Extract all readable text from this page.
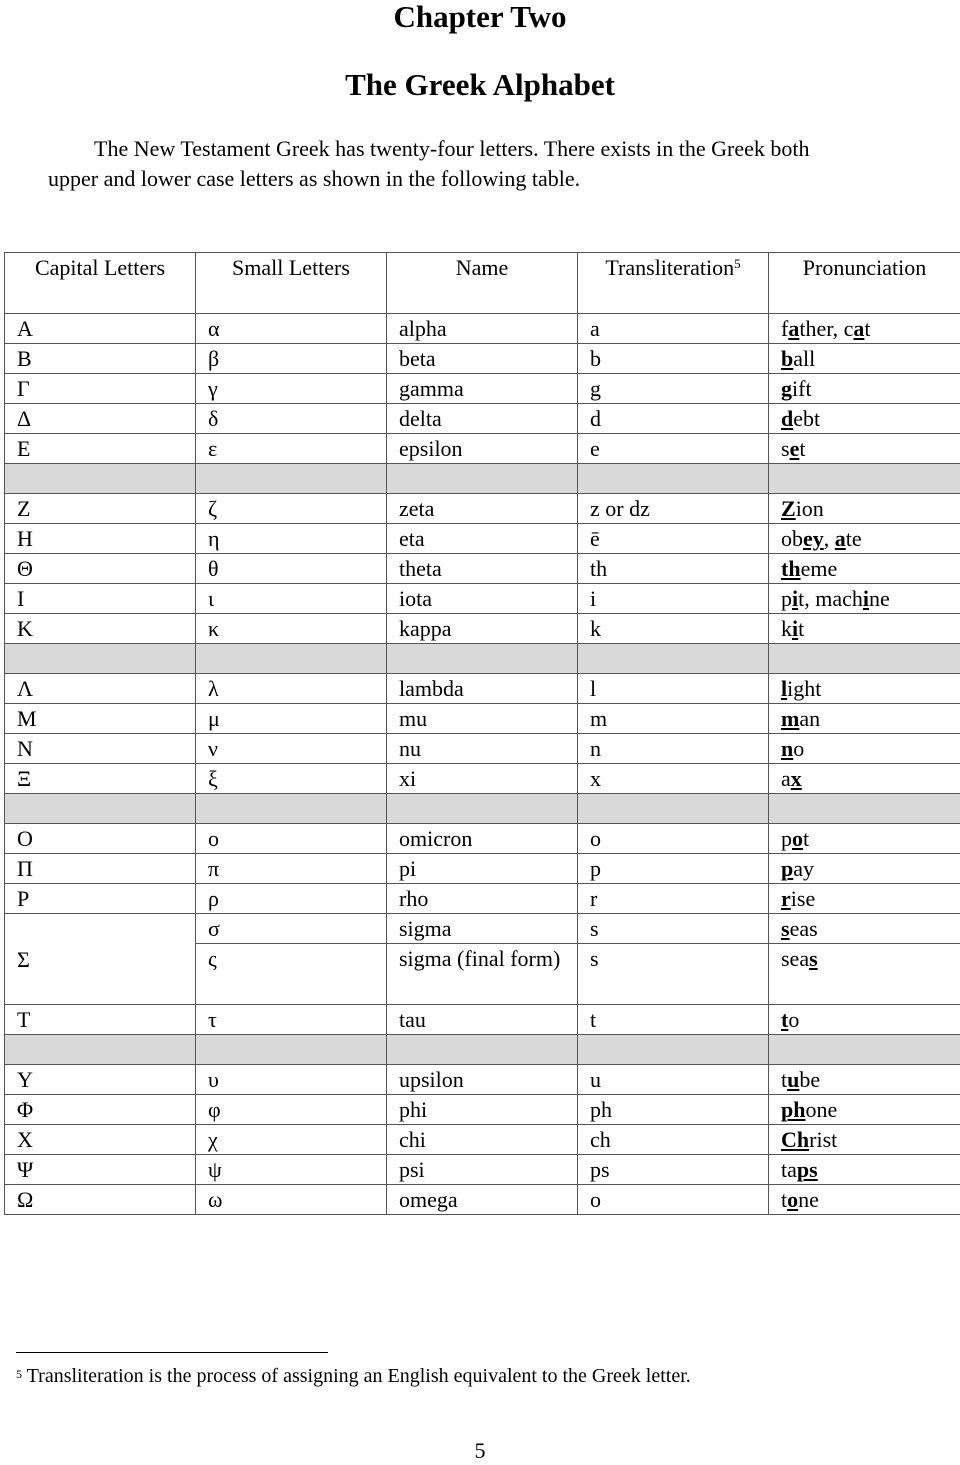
Chapter Two
The Greek Alphabet
The New Testament Greek has twenty-four letters. There exists in the Greek both
upper and lower case letters as shown in the following table.
Capital Letters	Small Letters	Name	Transliteration$^5$	Pronunciation
Α	α	alpha	a	father, cat
Β	β	beta	b	ball
Γ	γ	gamma	g	gift
Δ	δ	delta	d	debt
Ε	ε	epsilon	e	set

Ζ	ζ	zeta	z or dz	Zion
Η	η	eta	ē	obey, ate
Θ	θ	theta	th	theme
Ι	ι	iota	i	pit, machine
Κ	κ	kappa	k	kit

Λ	λ	lambda	l	light
Μ	μ	mu	m	man
Ν	ν	nu	n	no
Ξ	ξ	xi	x	ax

Ο	ο	omicron	o	pot
Π	π	pi	p	pay
Ρ	ρ	rho	r	rise
Σ	σ	sigma	s	seas
	ς	sigma (final form)	s	seas
Τ	τ	tau	t	to

Υ	υ	upsilon	u	tube
Φ	φ	phi	ph	phone
Χ	χ	chi	ch	Christ
Ψ	ψ	psi	ps	taps
Ω	ω	omega	o	tone
$^5$ Transliteration is the process of assigning an English equivalent to the Greek letter.
5
